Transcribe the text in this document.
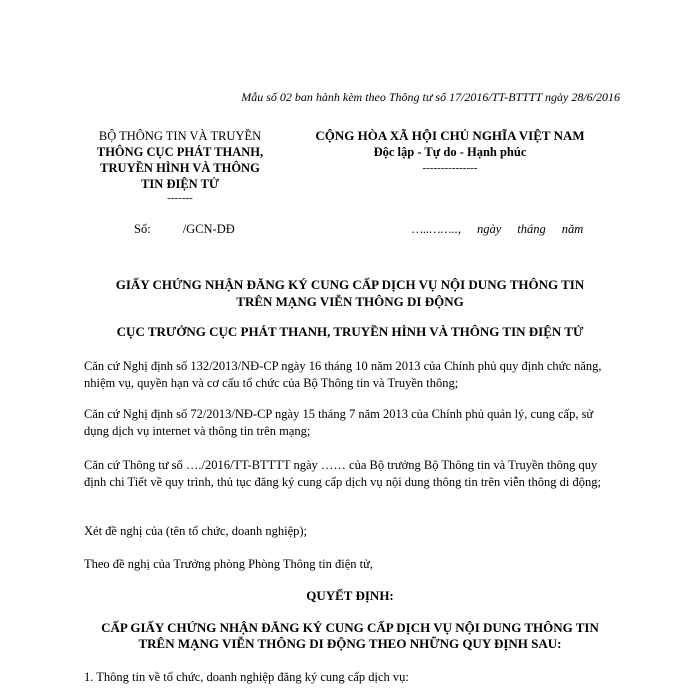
Mẫu số 02 ban hành kèm theo Thông tư số 17/2016/TT-BTTTT ngày 28/6/2016
BỘ THÔNG TIN VÀ TRUYỀN
THÔNG CỤC PHÁT THANH,
TRUYỀN HÌNH VÀ THÔNG
TIN ĐIỆN TỬ
-------
CỘNG HÒA XÃ HỘI CHỦ NGHĨA VIỆT NAM
Độc lập - Tự do - Hạnh phúc
---------------
Số:	/GCN-DĐ	…..…….., ngày tháng năm
GIẤY CHỨNG NHẬN ĐĂNG KÝ CUNG CẤP DỊCH VỤ NỘI DUNG THÔNG TIN
TRÊN MẠNG VIỄN THÔNG DI ĐỘNG
CỤC TRƯỞNG CỤC PHÁT THANH, TRUYỀN HÌNH VÀ THÔNG TIN ĐIỆN TỬ
Căn cứ Nghị định số 132/2013/NĐ-CP ngày 16 tháng 10 năm 2013 của Chính phủ quy định chức năng, nhiệm vụ, quyền hạn và cơ cấu tổ chức của Bộ Thông tin và Truyền thông;
Căn cứ Nghị định số 72/2013/NĐ-CP ngày 15 tháng 7 năm 2013 của Chính phủ quản lý, cung cấp, sử dụng dịch vụ internet và thông tin trên mạng;
Căn cứ Thông tư số …./2016/TT-BTTTT ngày …… của Bộ trưởng Bộ Thông tin và Truyền thông quy định chi Tiết về quy trình, thủ tục đăng ký cung cấp dịch vụ nội dung thông tin trên viễn thông di động;
Xét đề nghị của (tên tổ chức, doanh nghiệp);
Theo đề nghị của Trưởng phòng Phòng Thông tin điện tử,
QUYẾT ĐỊNH:
CẤP GIẤY CHỨNG NHẬN ĐĂNG KÝ CUNG CẤP DỊCH VỤ NỘI DUNG THÔNG TIN
TRÊN MẠNG VIỄN THÔNG DI ĐỘNG THEO NHỮNG QUY ĐỊNH SAU:
1. Thông tin về tổ chức, doanh nghiệp đăng ký cung cấp dịch vụ:
